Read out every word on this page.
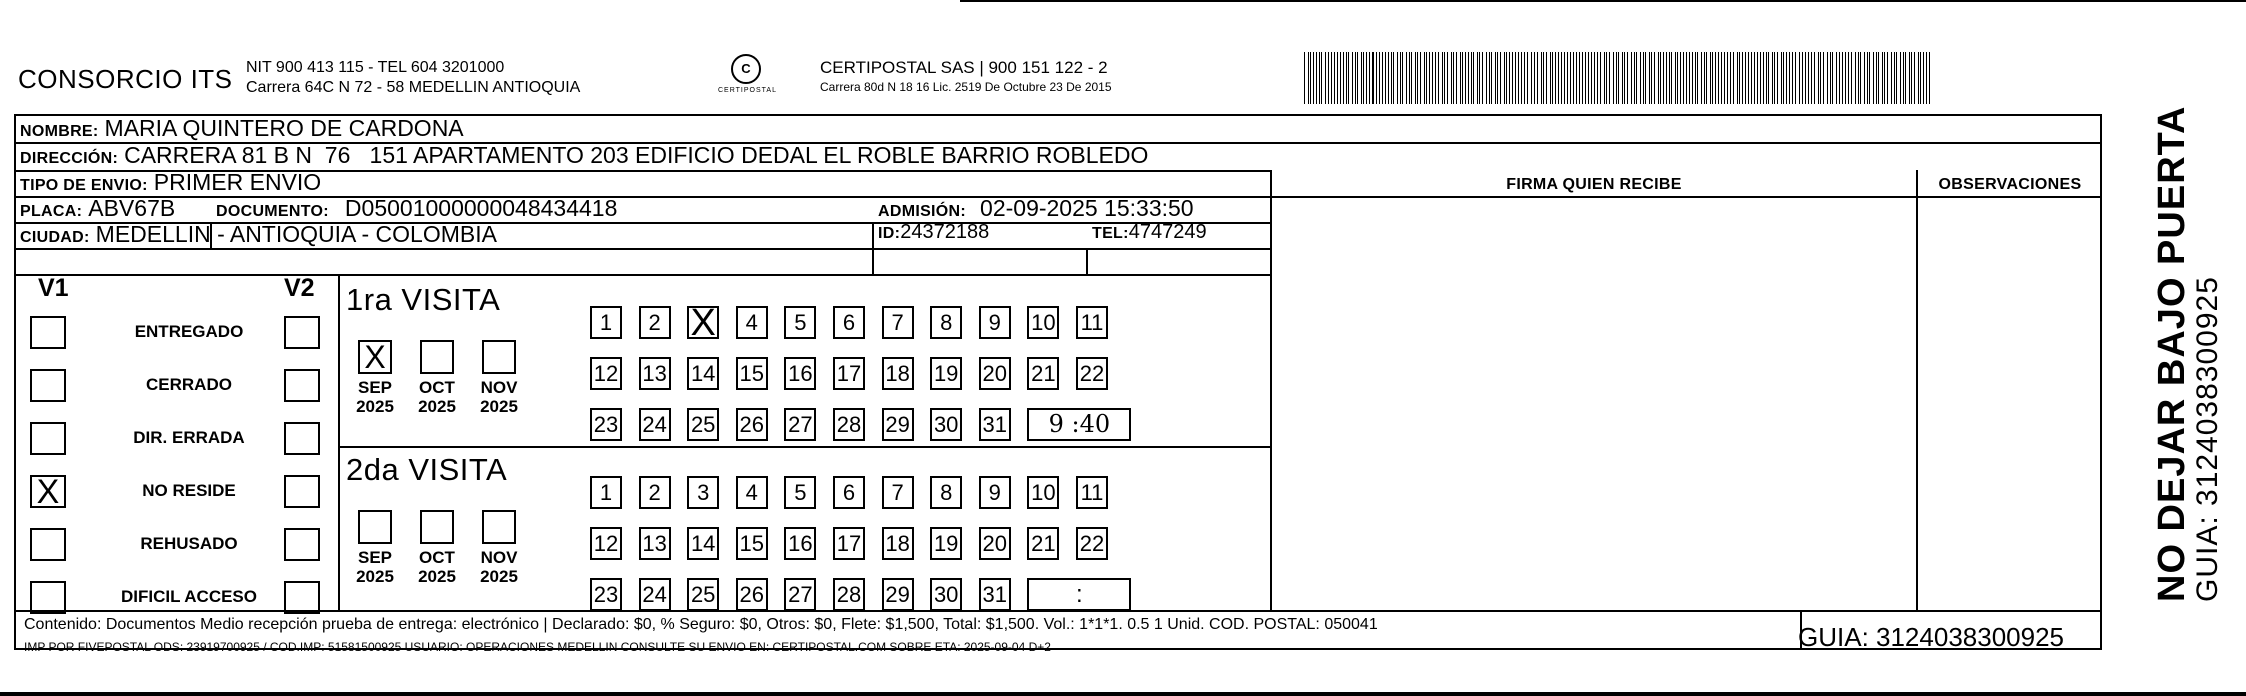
CONSORCIO ITS NIT 900 413 115 - TEL 604 3201000
Carrera 64C N 72 - 58 MEDELLIN ANTIOQUIA
C
CERTIPOSTAL
CERTIPOSTAL SAS | 900 151 122 - 2
Carrera 80d N 18 16 Lic. 2519 De Octubre 23 De 2015
NOMBRE: MARIA QUINTERO DE CARDONA
DIRECCIÓN: CARRERA 81 B N  76   151 APARTAMENTO 203 EDIFICIO DEDAL EL ROBLE BARRIO ROBLEDO
TIPO DE ENVIO: PRIMER ENVIO	FIRMA QUIEN RECIBE	OBSERVACIONES
PLACA: ABV67B	DOCUMENTO: D05001000000048434418	ADMISIÓN: 02-09-2025 15:33:50
CIUDAD: MEDELLIN - ANTIOQUIA - COLOMBIA	ID: 24372188	TEL: 4747249
V1	V2
ENTREGADO
CERRADO
DIR. ERRADA
X	NO RESIDE
REHUSADO
DIFICIL ACCESO
1ra VISITA
X
SEP
2025
OCT
2025
NOV
2025
1	2 X	4	5	6	7	8	9	10 11
12 13 14 15 16 17 18 19 20 21 22
23 24 25 26 27 28 29 30 31	9 :40
2da VISITA
SEP
2025
OCT
2025
NOV
2025
1	2	3	4	5	6	7	8	9	10 11
12 13 14 15 16 17 18 19 20 21 22
23 24 25 26 27 28 29 30 31	:
Contenido: Documentos Medio recepción prueba de entrega: electrónico | Declarado: $0, % Seguro: $0, Otros: $0, Flete: $1,500, Total: $1,500. Vol.: 1*1*1. 0.5 1 Unid. COD. POSTAL: 050041
IMP POR FIVEPOSTAL ODS: 23919700925 / COD.IMP: 51581500925 USUARIO: OPERACIONES MEDELLIN CONSULTE SU ENVIO EN: CERTIPOSTAL.COM SOBRE ETA: 2025-09-04 D+2	GUIA: 3124038300925
NO DEJAR BAJO PUERTA
GUIA: 3124038300925
